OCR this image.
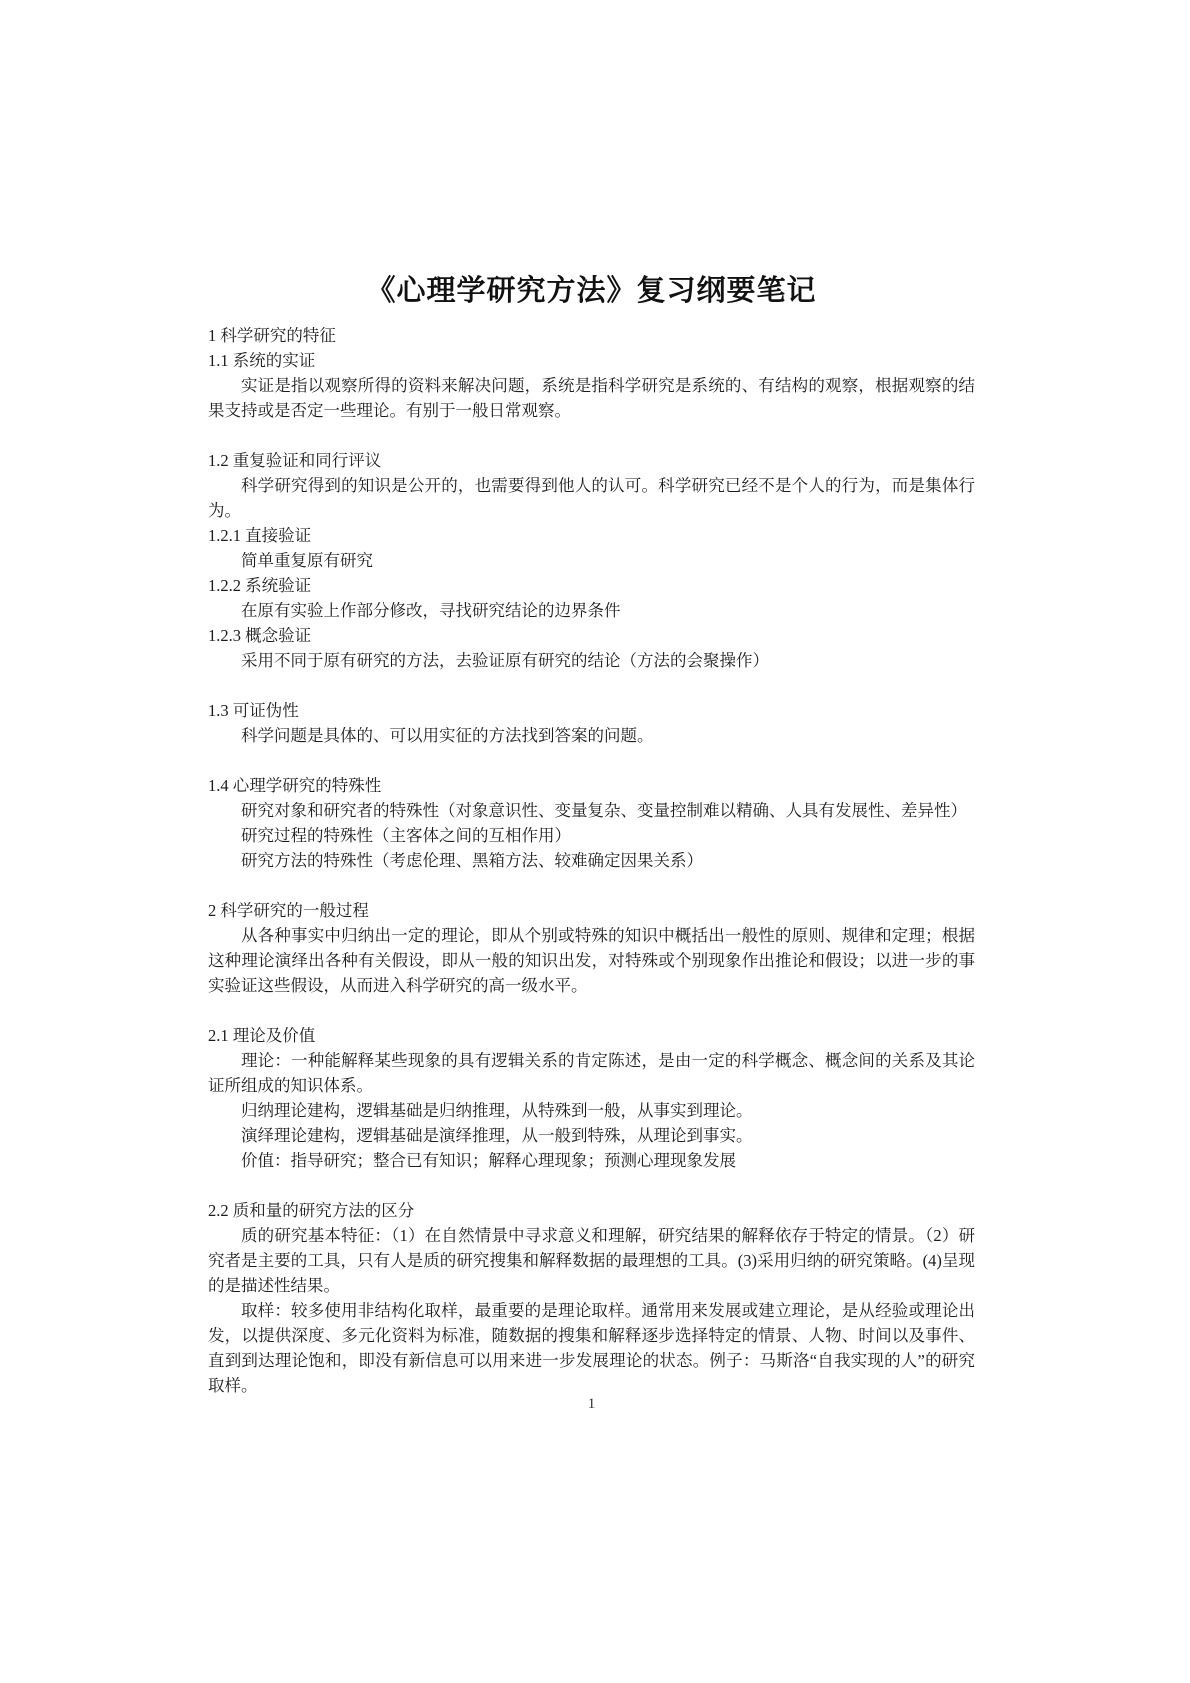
《心理学研究方法》复习纲要笔记

1 科学研究的特征

1.1 系统的实证

实证是指以观察所得的资料来解决问题，系统是指科学研究是系统的、有结构的观察，根据观察的结果支持或是否定一些理论。有别于一般日常观察。

1.2 重复验证和同行评议

科学研究得到的知识是公开的，也需要得到他人的认可。科学研究已经不是个人的行为，而是集体行为。

1.2.1 直接验证

简单重复原有研究

1.2.2 系统验证

在原有实验上作部分修改，寻找研究结论的边界条件

1.2.3 概念验证

采用不同于原有研究的方法，去验证原有研究的结论（方法的会聚操作）

1.3 可证伪性

科学问题是具体的、可以用实征的方法找到答案的问题。

1.4 心理学研究的特殊性

研究对象和研究者的特殊性（对象意识性、变量复杂、变量控制难以精确、人具有发展性、差异性）

研究过程的特殊性（主客体之间的互相作用）

研究方法的特殊性（考虑伦理、黑箱方法、较难确定因果关系）

2 科学研究的一般过程

从各种事实中归纳出一定的理论，即从个别或特殊的知识中概括出一般性的原则、规律和定理；根据这种理论演绎出各种有关假设，即从一般的知识出发，对特殊或个别现象作出推论和假设；以进一步的事实验证这些假设，从而进入科学研究的高一级水平。

2.1 理论及价值

理论：一种能解释某些现象的具有逻辑关系的肯定陈述，是由一定的科学概念、概念间的关系及其论证所组成的知识体系。

归纳理论建构，逻辑基础是归纳推理，从特殊到一般，从事实到理论。

演绎理论建构，逻辑基础是演绎推理，从一般到特殊，从理论到事实。

价值：指导研究；整合已有知识；解释心理现象；预测心理现象发展

2.2 质和量的研究方法的区分

质的研究基本特征：（1）在自然情景中寻求意义和理解，研究结果的解释依存于特定的情景。（2）研究者是主要的工具，只有人是质的研究搜集和解释数据的最理想的工具。(3)采用归纳的研究策略。(4)呈现的是描述性结果。

取样：较多使用非结构化取样，最重要的是理论取样。通常用来发展或建立理论，是从经验或理论出发，以提供深度、多元化资料为标准，随数据的搜集和解释逐步选择特定的情景、人物、时间以及事件、直到到达理论饱和，即没有新信息可以用来进一步发展理论的状态。例子：马斯洛“自我实现的人”的研究取样。

1
